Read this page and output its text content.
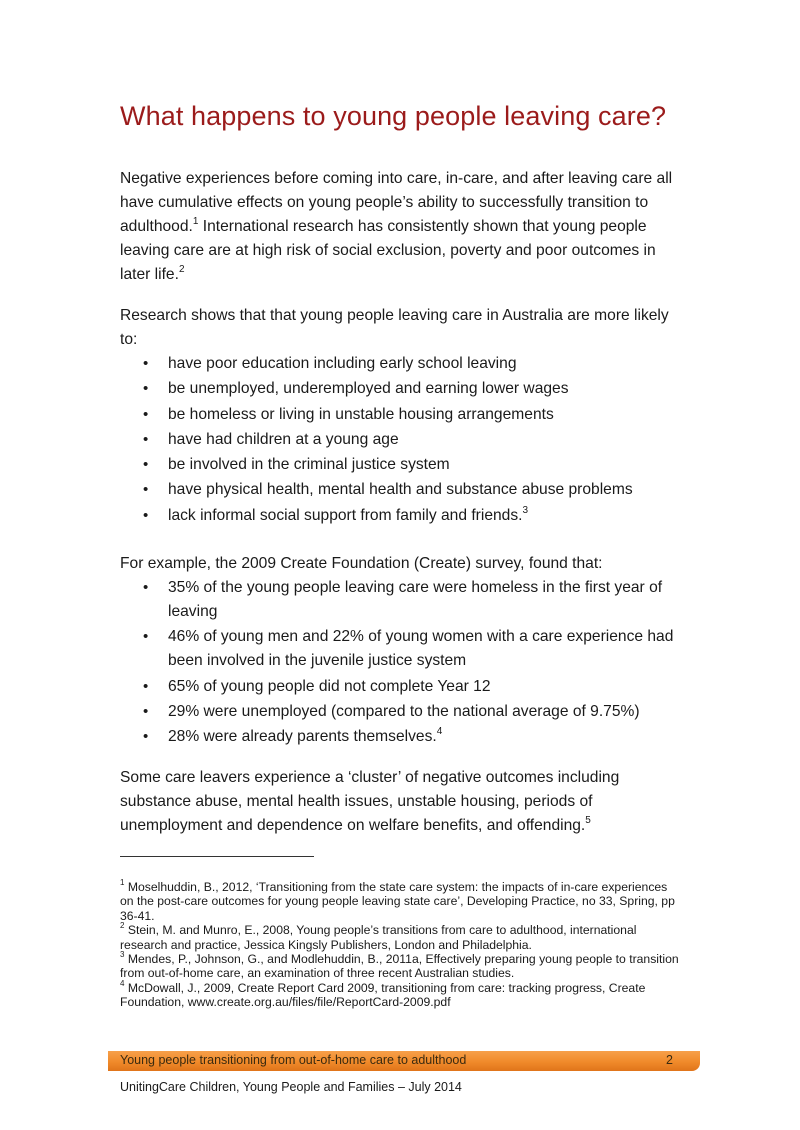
What happens to young people leaving care?

Negative experiences before coming into care, in-care, and after leaving care all have cumulative effects on young people’s ability to successfully transition to adulthood.$^1$ International research has consistently shown that young people leaving care are at high risk of social exclusion, poverty and poor outcomes in later life.$^2$

Research shows that that young people leaving care in Australia are more likely to:

• have poor education including early school leaving
• be unemployed, underemployed and earning lower wages
• be homeless or living in unstable housing arrangements
• have had children at a young age
• be involved in the criminal justice system
• have physical health, mental health and substance abuse problems
• lack informal social support from family and friends.$^3$

For example, the 2009 Create Foundation (Create) survey, found that:

• 35% of the young people leaving care were homeless in the first year of leaving
• 46% of young men and 22% of young women with a care experience had been involved in the juvenile justice system
• 65% of young people did not complete Year 12
• 29% were unemployed (compared to the national average of 9.75%)
• 28% were already parents themselves.$^4$

Some care leavers experience a ‘cluster’ of negative outcomes including substance abuse, mental health issues, unstable housing, periods of unemployment and dependence on welfare benefits, and offending.$^5$

$^1$ Moselhuddin, B., 2012, ‘Transitioning from the state care system: the impacts of in-care experiences on the post-care outcomes for young people leaving state care’, Developing Practice, no 33, Spring, pp 36-41.

$^2$ Stein, M. and Munro, E., 2008, Young people’s transitions from care to adulthood, international research and practice, Jessica Kingsly Publishers, London and Philadelphia.

$^3$ Mendes, P., Johnson, G., and Modlehuddin, B., 2011a, Effectively preparing young people to transition from out-of-home care, an examination of three recent Australian studies.

$^4$ McDowall, J., 2009, Create Report Card 2009, transitioning from care: tracking progress, Create Foundation, www.create.org.au/files/file/ReportCard-2009.pdf

Young people transitioning from out-of-home care to adulthood	2
UnitingCare Children, Young People and Families – July 2014
